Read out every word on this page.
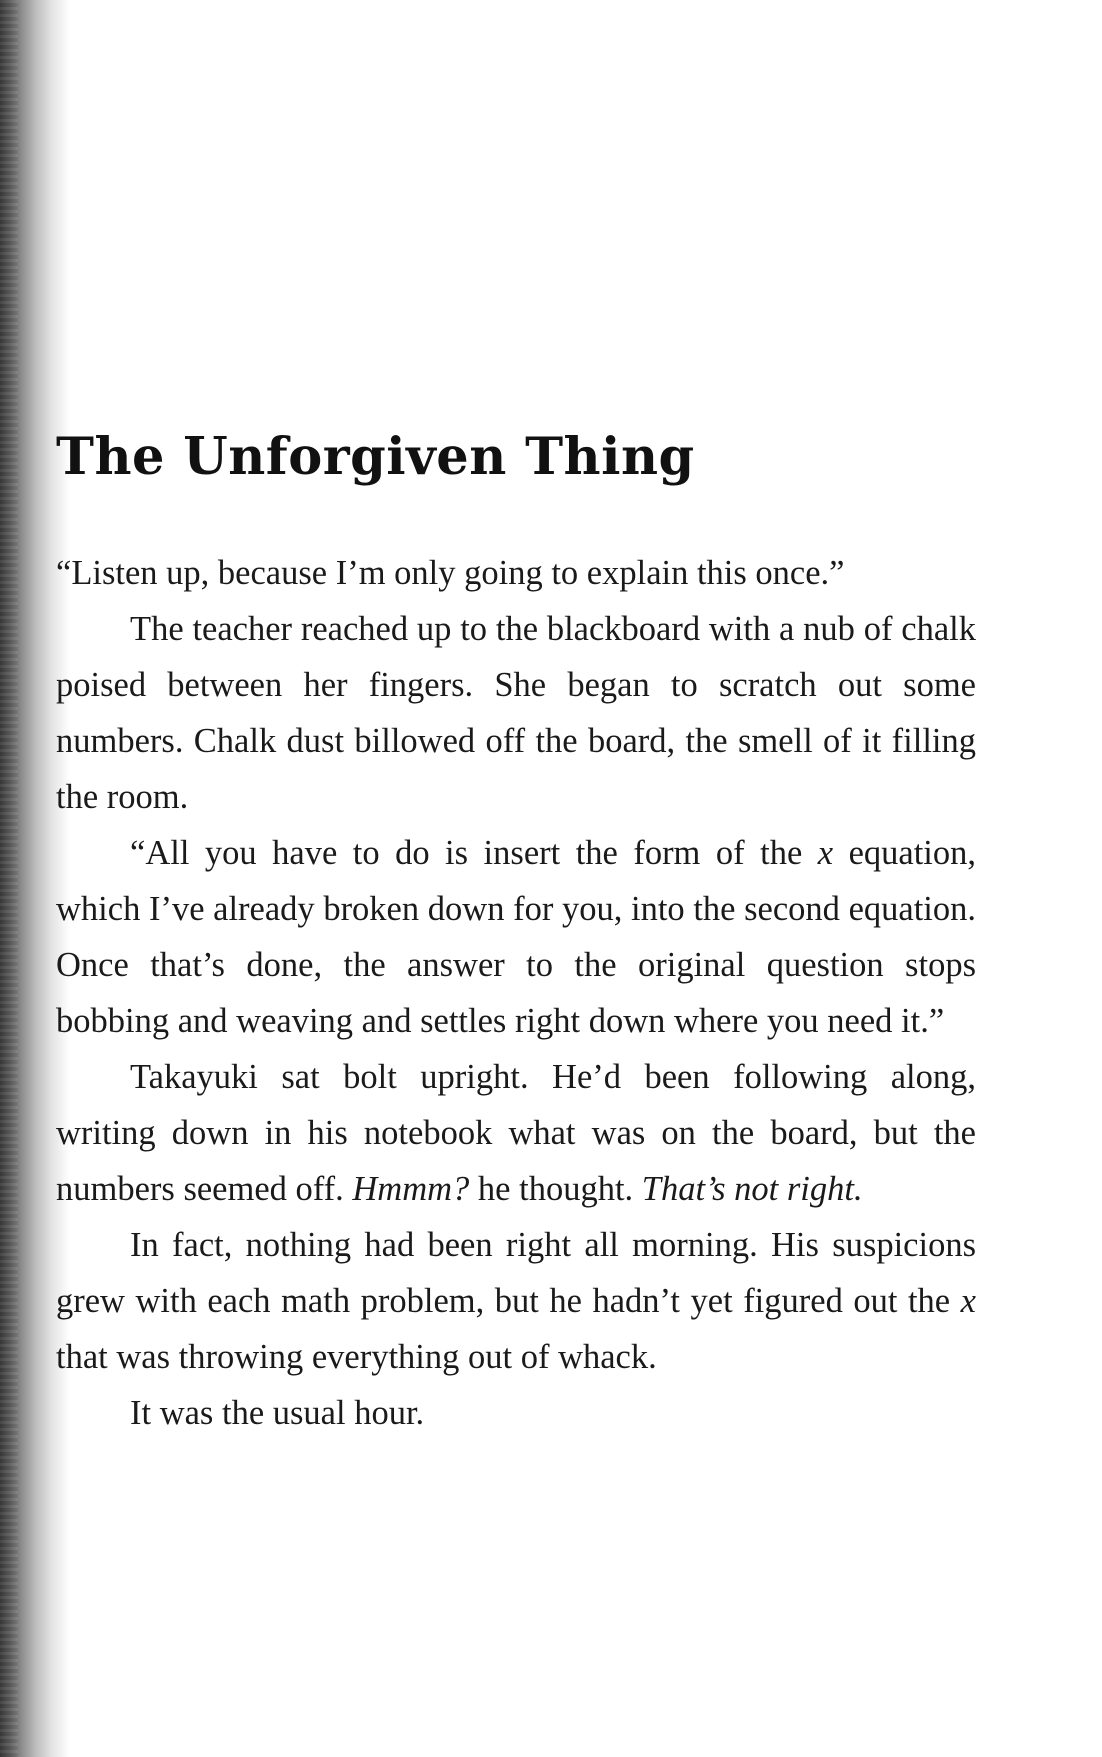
The Unforgiven Thing

“Listen up, because I’m only going to explain this once.”

The teacher reached up to the blackboard with a nub of chalk poised between her fingers. She began to scratch out some numbers. Chalk dust billowed off the board, the smell of it filling the room.

“All you have to do is insert the form of the x equation, which I’ve already broken down for you, into the second equation. Once that’s done, the answer to the original question stops bobbing and weaving and settles right down where you need it.”

Takayuki sat bolt upright. He’d been following along, writing down in his notebook what was on the board, but the numbers seemed off. Hmmm? he thought. That’s not right.

In fact, nothing had been right all morning. His suspicions grew with each math problem, but he hadn’t yet figured out the x that was throwing everything out of whack.

It was the usual hour.
